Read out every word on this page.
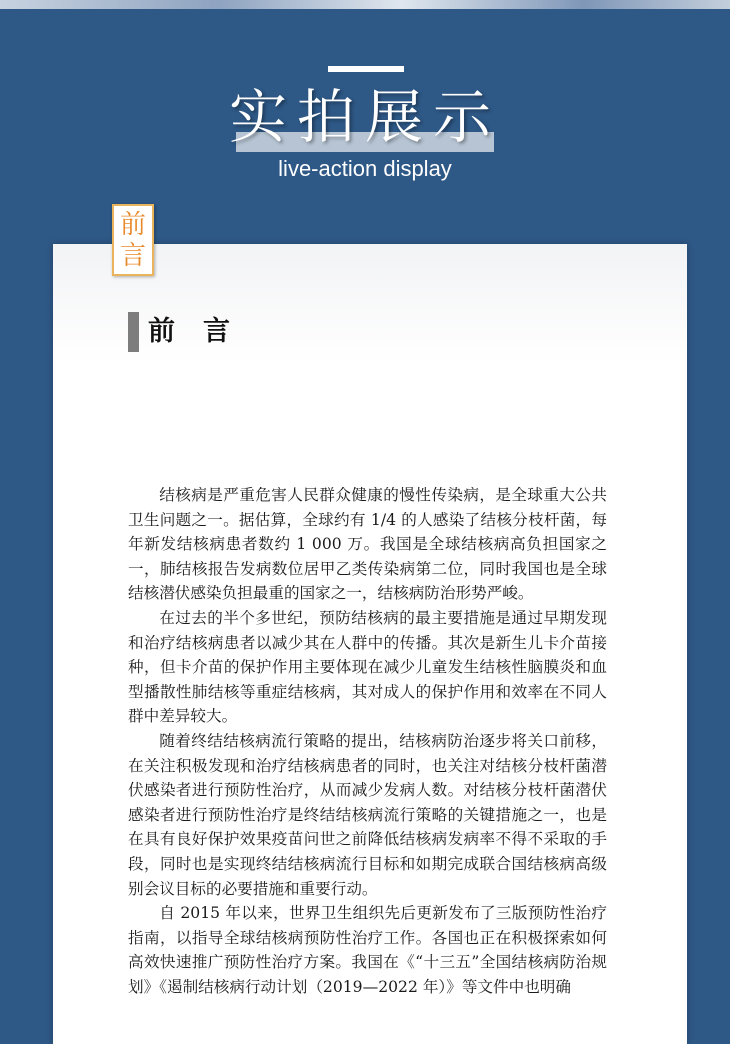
实拍展示
live-action display
前言
前言

结核病是严重危害人民群众健康的慢性传染病，是全球重大公共卫生问题之一。据估算，全球约有 1/4 的人感染了结核分枝杆菌，每年新发结核病患者数约 1 000 万。我国是全球结核病高负担国家之一，肺结核报告发病数位居甲乙类传染病第二位，同时我国也是全球结核潜伏感染负担最重的国家之一，结核病防治形势严峻。

在过去的半个多世纪，预防结核病的最主要措施是通过早期发现和治疗结核病患者以减少其在人群中的传播。其次是新生儿卡介苗接种，但卡介苗的保护作用主要体现在减少儿童发生结核性脑膜炎和血型播散性肺结核等重症结核病，其对成人的保护作用和效率在不同人群中差异较大。

随着终结结核病流行策略的提出，结核病防治逐步将关口前移，在关注积极发现和治疗结核病患者的同时，也关注对结核分枝杆菌潜伏感染者进行预防性治疗，从而减少发病人数。对结核分枝杆菌潜伏感染者进行预防性治疗是终结结核病流行策略的关键措施之一，也是在具有良好保护效果疫苗问世之前降低结核病发病率不得不采取的手段，同时也是实现终结结核病流行目标和如期完成联合国结核病高级别会议目标的必要措施和重要行动。

自 2015 年以来，世界卫生组织先后更新发布了三版预防性治疗指南，以指导全球结核病预防性治疗工作。各国也正在积极探索如何高效快速推广预防性治疗方案。我国在《“十三五”全国结核病防治规划》《遏制结核病行动计划（2019—2022 年）》等文件中也明确
